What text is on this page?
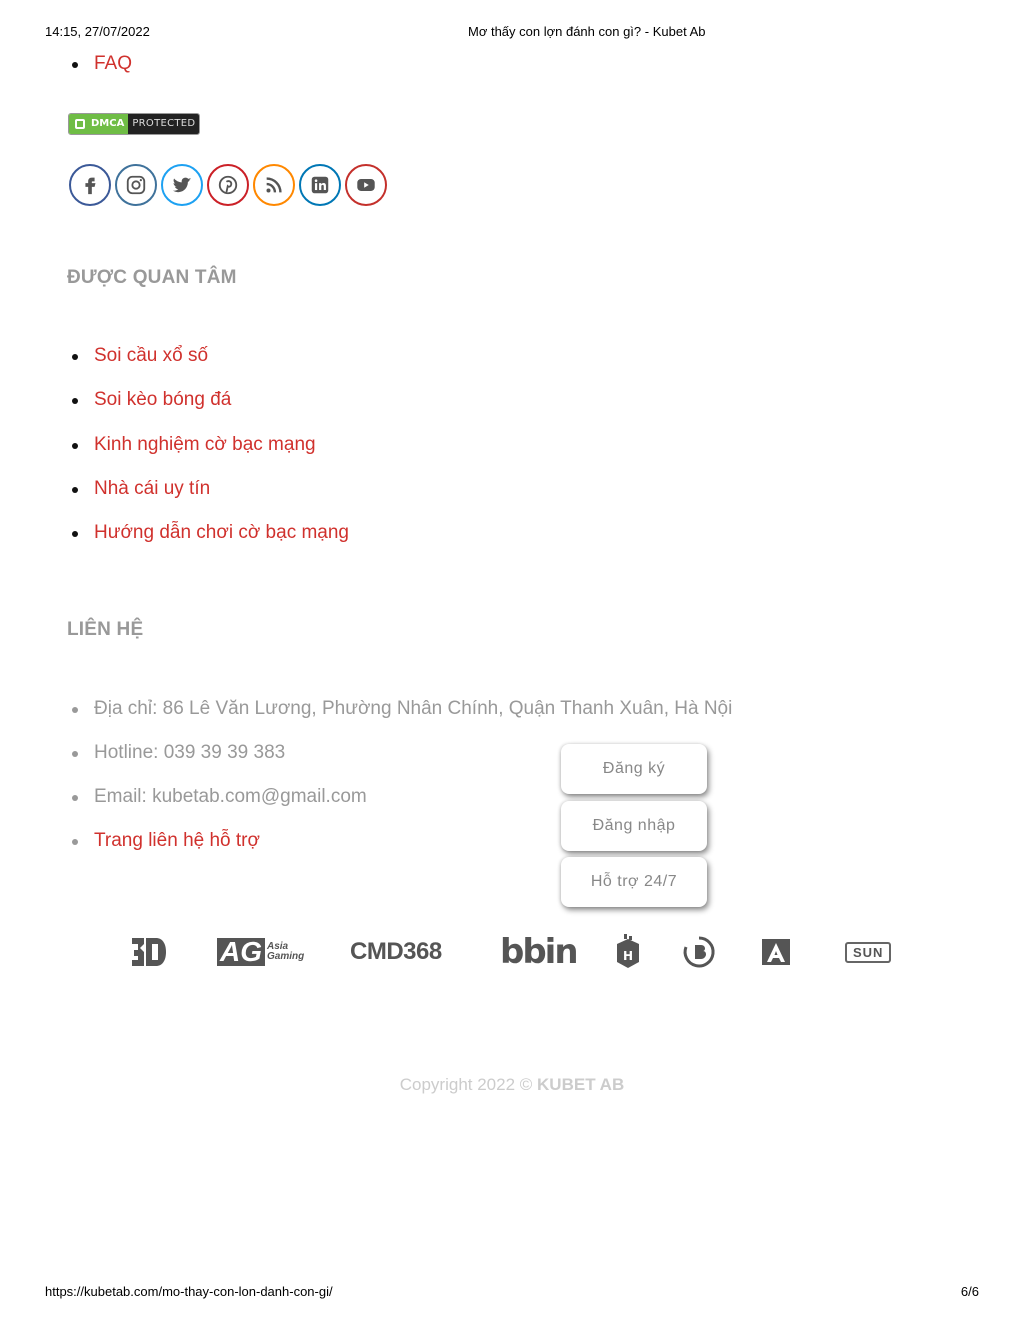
14:15, 27/07/2022	Mơ thấy con lợn đánh con gì? - Kubet Ab
FAQ
DMCA PROTECTED
ĐƯỢC QUAN TÂM
Soi cầu xổ số
Soi kèo bóng đá
Kinh nghiệm cờ bạc mạng
Nhà cái uy tín
Hướng dẫn chơi cờ bạc mạng
LIÊN HỆ
Địa chỉ: 86 Lê Văn Lương, Phường Nhân Chính, Quận Thanh Xuân, Hà Nội
Hotline: 039 39 39 383
Email: kubetab.com@gmail.com
Trang liên hệ hỗ trợ
Đăng ký
Đăng nhập
Hỗ trợ 24/7
AG Asia
Gaming CMD368 bbin	H	SUN
Copyright 2022 © KUBET AB
https://kubetab.com/mo-thay-con-lon-danh-con-gi/	6/6
